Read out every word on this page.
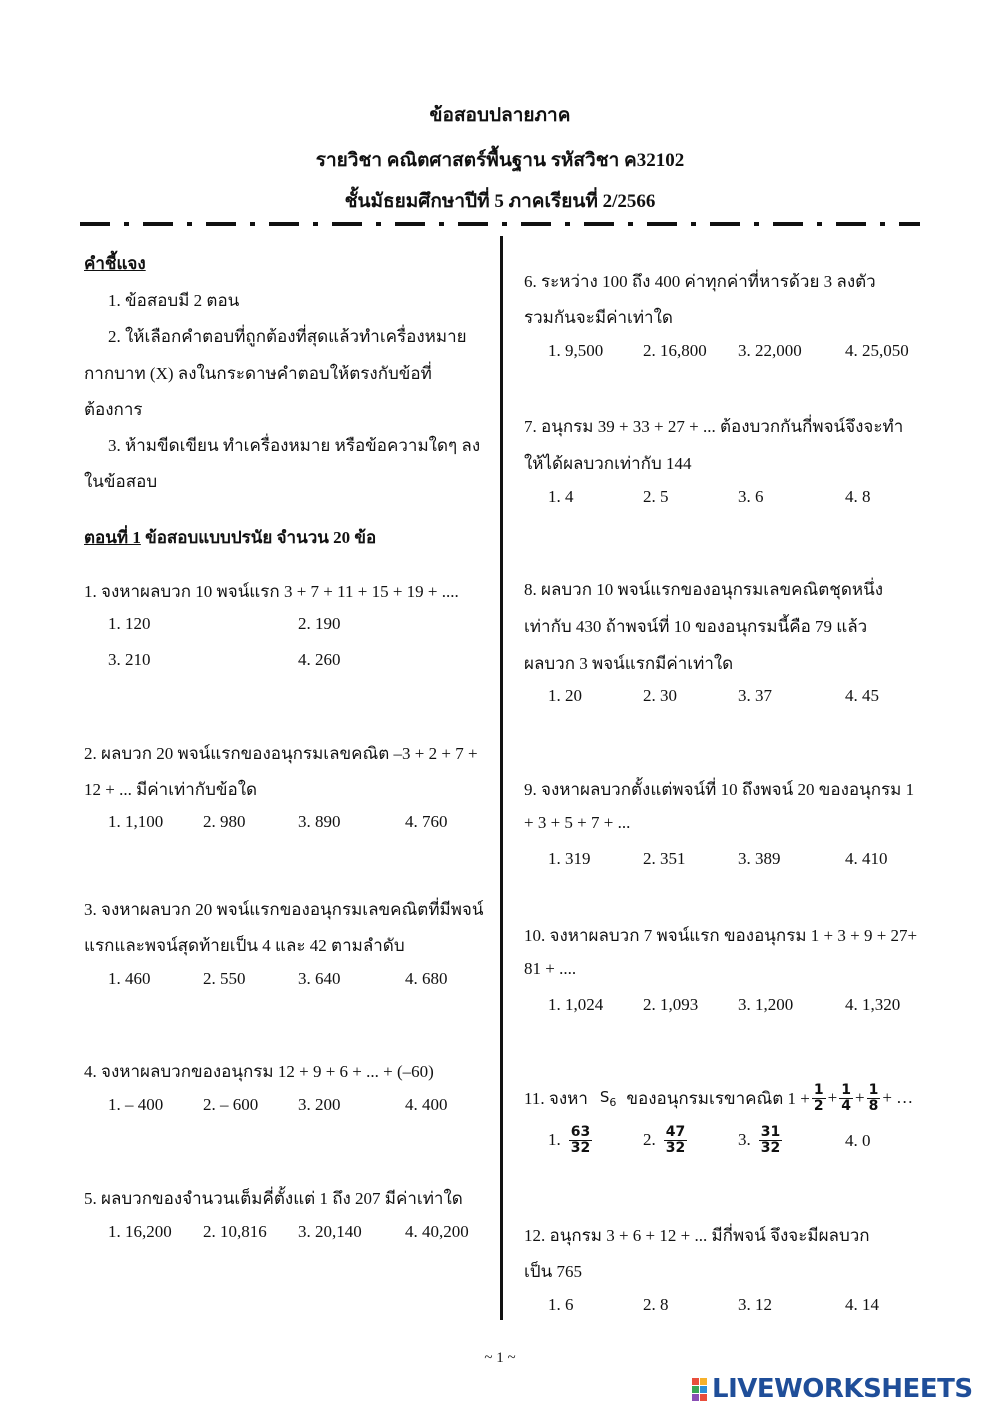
ข้อสอบปลายภาค
รายวิชา คณิตศาสตร์พื้นฐาน รหัสวิชา ค32102
ชั้นมัธยมศึกษาปีที่ 5 ภาคเรียนที่ 2/2566
คำชี้แจง
1. ข้อสอบมี 2 ตอน
2. ให้เลือกคำตอบที่ถูกต้องที่สุดแล้วทำเครื่องหมาย
กากบาท (X) ลงในกระดาษคำตอบให้ตรงกับข้อที่
ต้องการ
3. ห้ามขีดเขียน ทำเครื่องหมาย หรือข้อความใดๆ ลง
ในข้อสอบ
ตอนที่ 1 ข้อสอบแบบปรนัย จำนวน 20 ข้อ
1. จงหาผลบวก 10 พจน์แรก 3 + 7 + 11 + 15 + 19 + ....
1. 120	2. 190
3. 210	4. 260
2. ผลบวก 20 พจน์แรกของอนุกรมเลขคณิต –3 + 2 + 7 +
12 + ... มีค่าเท่ากับข้อใด
1. 1,100 2. 980	3. 890	4. 760
3. จงหาผลบวก 20 พจน์แรกของอนุกรมเลขคณิตที่มีพจน์
แรกและพจน์สุดท้ายเป็น 4 และ 42 ตามลำดับ
1. 460	2. 550	3. 640	4. 680
4. จงหาผลบวกของอนุกรม 12 + 9 + 6 + ... + (–60)
1. – 400 2. – 600 3. 200	4. 400
5. ผลบวกของจำนวนเต็มคี่ตั้งแต่ 1 ถึง 207 มีค่าเท่าใด
1. 16,200 2. 10,816 3. 20,140	4. 40,200
6. ระหว่าง 100 ถึง 400 ค่าทุกค่าที่หารด้วย 3 ลงตัว
รวมกันจะมีค่าเท่าใด
1. 9,500 2. 16,800 3. 22,000	4. 25,050
7. อนุกรม 39 + 33 + 27 + ... ต้องบวกกันกี่พจน์จึงจะทำ
ให้ได้ผลบวกเท่ากับ 144
1. 4	2. 5	3. 6	4. 8
8. ผลบวก 10 พจน์แรกของอนุกรมเลขคณิตชุดหนึ่ง
เท่ากับ 430 ถ้าพจน์ที่ 10 ของอนุกรมนี้คือ 79 แล้ว
ผลบวก 3 พจน์แรกมีค่าเท่าใด
1. 20	2. 30	3. 37	4. 45
9. จงหาผลบวกตั้งแต่พจน์ที่ 10 ถึงพจน์ 20 ของอนุกรม 1
+ 3 + 5 + 7 + ...
1. 319	2. 351	3. 389	4. 410
10. จงหาผลบวก 7 พจน์แรก ของอนุกรม 1 + 3 + 9 + 27+
81 + ....
1. 1,024 2. 1,093 3. 1,200	4. 1,320
11. จงหา $S_6$ ของอนุกรมเรขาคณิต $1 + \frac{1}{2} + \frac{1}{4} + \frac{1}{8}$ + …
1. $\frac{63}{32}$	2. $\frac{47}{32}$	3. $\frac{31}{32}$	4. 0
12. อนุกรม 3 + 6 + 12 + ... มีกี่พจน์ จึงจะมีผลบวก
เป็น 765
1. 6	2. 8	3. 12	4. 14
~ 1 ~
LIVEWORKSHEETS
